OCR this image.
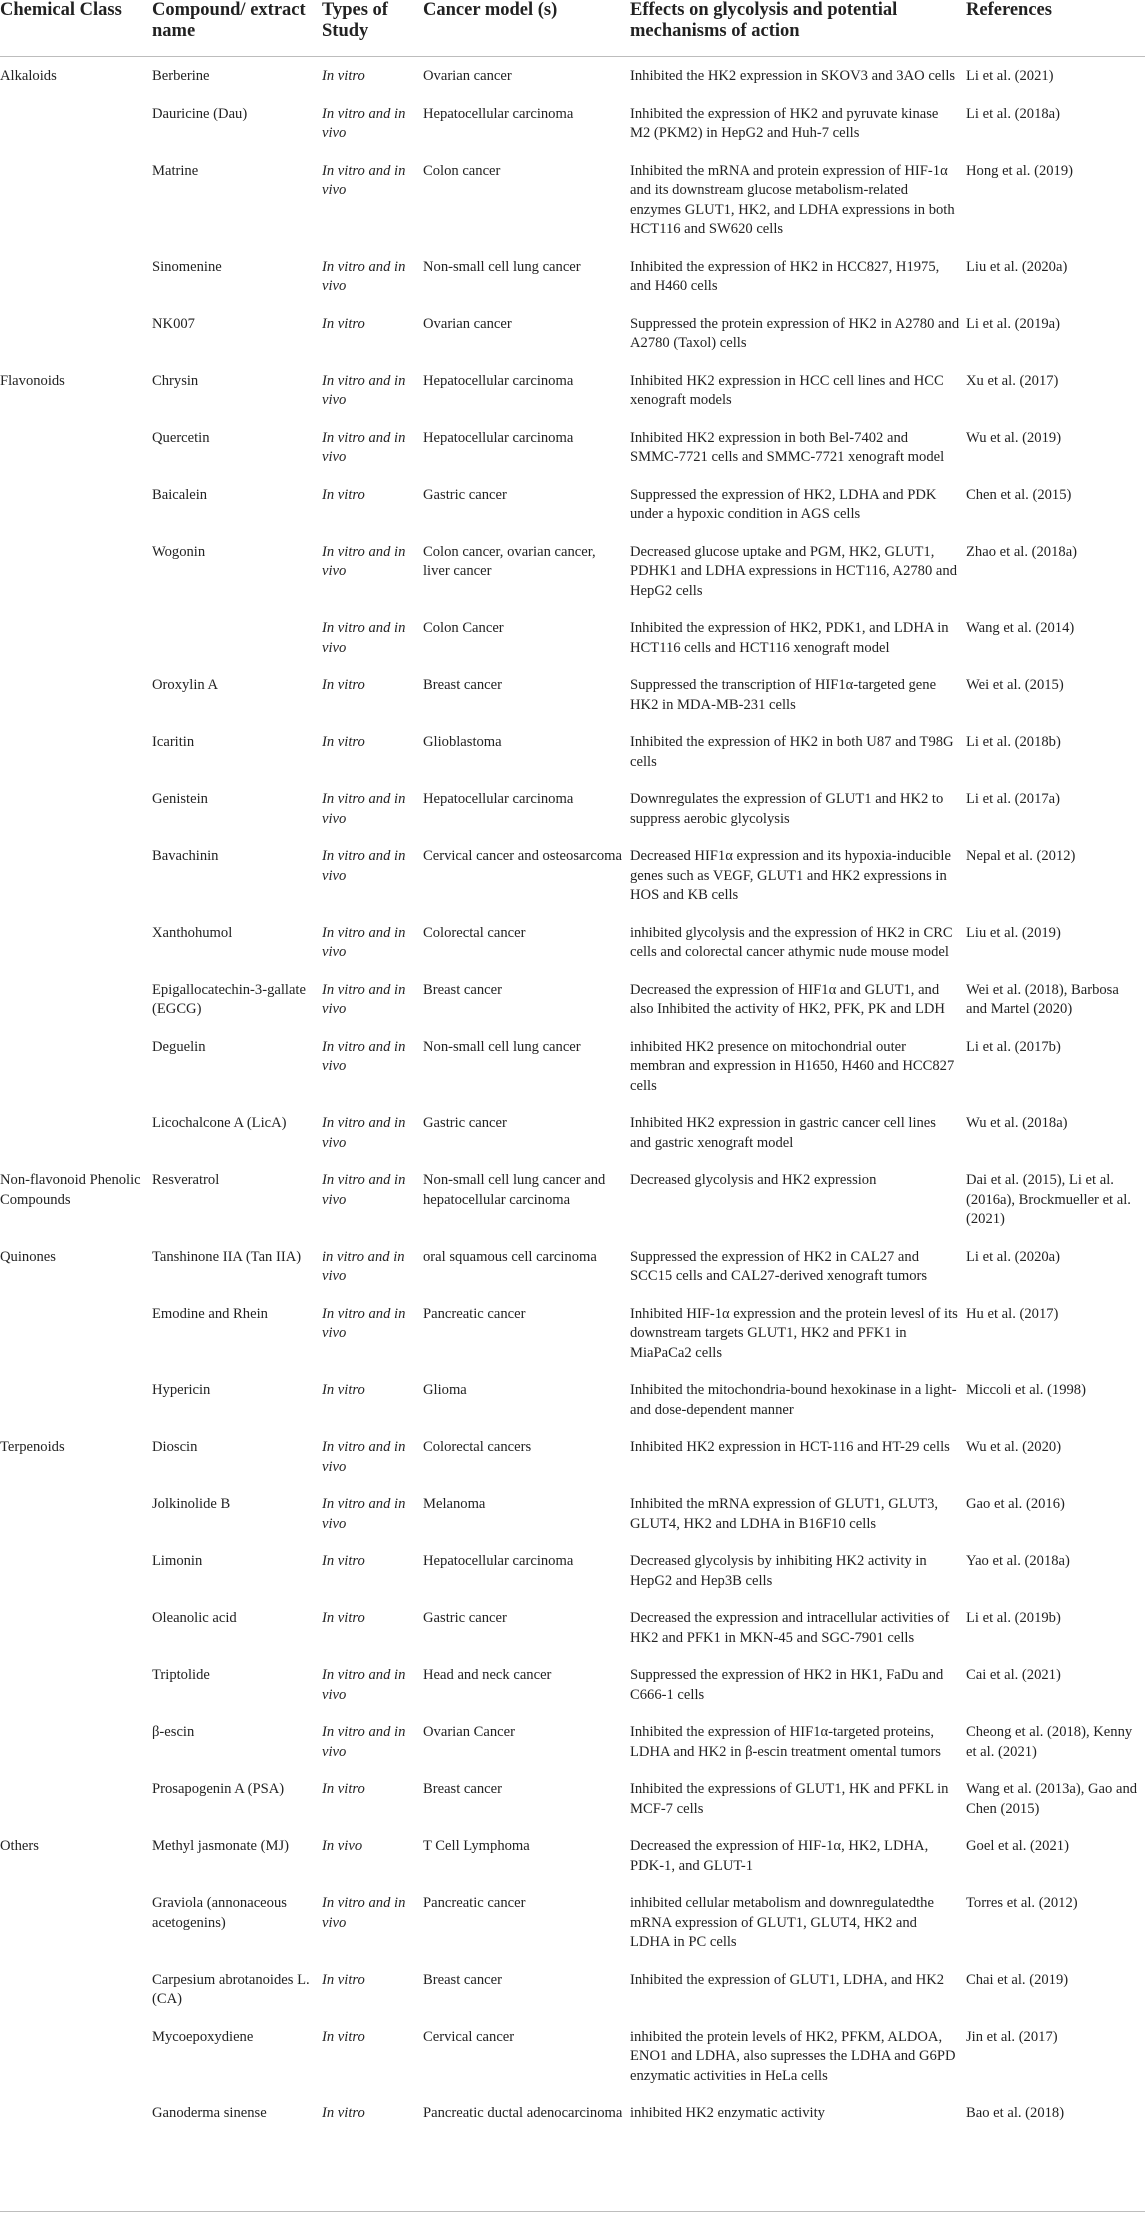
Chemical Class	Compound/ extract name	Types of Study	Cancer model (s)	Effects on glycolysis and potential mechanisms of action	References
Alkaloids	Berberine	In vitro	Ovarian cancer	Inhibited the HK2 expression in SKOV3 and 3AO cells	Li et al. (2021)
	Dauricine (Dau)	In vitro and in vivo	Hepatocellular carcinoma	Inhibited the expression of HK2 and pyruvate kinase M2 (PKM2) in HepG2 and Huh-7 cells	Li et al. (2018a)
	Matrine	In vitro and in vivo	Colon cancer	Inhibited the mRNA and protein expression of HIF-1α and its downstream glucose metabolism-related enzymes GLUT1, HK2, and LDHA expressions in both HCT116 and SW620 cells	Hong et al. (2019)
	Sinomenine	In vitro and in vivo	Non-small cell lung cancer	Inhibited the expression of HK2 in HCC827, H1975, and H460 cells	Liu et al. (2020a)
	NK007	In vitro	Ovarian cancer	Suppressed the protein expression of HK2 in A2780 and A2780 (Taxol) cells	Li et al. (2019a)
Flavonoids	Chrysin	In vitro and in vivo	Hepatocellular carcinoma	Inhibited HK2 expression in HCC cell lines and HCC xenograft models	Xu et al. (2017)
	Quercetin	In vitro and in vivo	Hepatocellular carcinoma	Inhibited HK2 expression in both Bel-7402 and SMMC-7721 cells and SMMC-7721 xenograft model	Wu et al. (2019)
	Baicalein	In vitro	Gastric cancer	Suppressed the expression of HK2, LDHA and PDK under a hypoxic condition in AGS cells	Chen et al. (2015)
	Wogonin	In vitro and in vivo	Colon cancer, ovarian cancer, liver cancer	Decreased glucose uptake and PGM, HK2, GLUT1, PDHK1 and LDHA expressions in HCT116, A2780 and HepG2 cells	Zhao et al. (2018a)
		In vitro and in vivo	Colon Cancer	Inhibited the expression of HK2, PDK1, and LDHA in HCT116 cells and HCT116 xenograft model	Wang et al. (2014)
	Oroxylin A	In vitro	Breast cancer	Suppressed the transcription of HIF1α-targeted gene HK2 in MDA-MB-231 cells	Wei et al. (2015)
	Icaritin	In vitro	Glioblastoma	Inhibited the expression of HK2 in both U87 and T98G cells	Li et al. (2018b)
	Genistein	In vitro and in vivo	Hepatocellular carcinoma	Downregulates the expression of GLUT1 and HK2 to suppress aerobic glycolysis	Li et al. (2017a)
	Bavachinin	In vitro and in vivo	Cervical cancer and osteosarcoma	Decreased HIF1α expression and its hypoxia-inducible genes such as VEGF, GLUT1 and HK2 expressions in HOS and KB cells	Nepal et al. (2012)
	Xanthohumol	In vitro and in vivo	Colorectal cancer	inhibited glycolysis and the expression of HK2 in CRC cells and colorectal cancer athymic nude mouse model	Liu et al. (2019)
	Epigallocatechin-3-gallate (EGCG)	In vitro and in vivo	Breast cancer	Decreased the expression of HIF1α and GLUT1, and also Inhibited the activity of HK2, PFK, PK and LDH	Wei et al. (2018), Barbosa and Martel (2020)
	Deguelin	In vitro and in vivo	Non-small cell lung cancer	inhibited HK2 presence on mitochondrial outer membran and expression in H1650, H460 and HCC827 cells	Li et al. (2017b)
	Licochalcone A (LicA)	In vitro and in vivo	Gastric cancer	Inhibited HK2 expression in gastric cancer cell lines and gastric xenograft model	Wu et al. (2018a)
Non-flavonoid Phenolic Compounds	Resveratrol	In vitro and in vivo	Non-small cell lung cancer and hepatocellular carcinoma	Decreased glycolysis and HK2 expression	Dai et al. (2015), Li et al. (2016a), Brockmueller et al. (2021)
Quinones	Tanshinone IIA (Tan IIA)	in vitro and in vivo	oral squamous cell carcinoma	Suppressed the expression of HK2 in CAL27 and SCC15 cells and CAL27-derived xenograft tumors	Li et al. (2020a)
	Emodine and Rhein	In vitro and in vivo	Pancreatic cancer	Inhibited HIF-1α expression and the protein levesl of its downstream targets GLUT1, HK2 and PFK1 in MiaPaCa2 cells	Hu et al. (2017)
	Hypericin	In vitro	Glioma	Inhibited the mitochondria-bound hexokinase in a light- and dose-dependent manner	Miccoli et al. (1998)
Terpenoids	Dioscin	In vitro and in vivo	Colorectal cancers	Inhibited HK2 expression in HCT-116 and HT-29 cells	Wu et al. (2020)
	Jolkinolide B	In vitro and in vivo	Melanoma	Inhibited the mRNA expression of GLUT1, GLUT3, GLUT4, HK2 and LDHA in B16F10 cells	Gao et al. (2016)
	Limonin	In vitro	Hepatocellular carcinoma	Decreased glycolysis by inhibiting HK2 activity in HepG2 and Hep3B cells	Yao et al. (2018a)
	Oleanolic acid	In vitro	Gastric cancer	Decreased the expression and intracellular activities of HK2 and PFK1 in MKN-45 and SGC-7901 cells	Li et al. (2019b)
	Triptolide	In vitro and in vivo	Head and neck cancer	Suppressed the expression of HK2 in HK1, FaDu and C666-1 cells	Cai et al. (2021)
	β-escin	In vitro and in vivo	Ovarian Cancer	Inhibited the expression of HIF1α-targeted proteins, LDHA and HK2 in β-escin treatment omental tumors	Cheong et al. (2018), Kenny et al. (2021)
	Prosapogenin A (PSA)	In vitro	Breast cancer	Inhibited the expressions of GLUT1, HK and PFKL in MCF-7 cells	Wang et al. (2013a), Gao and Chen (2015)
Others	Methyl jasmonate (MJ)	In vivo	T Cell Lymphoma	Decreased the expression of HIF-1α, HK2, LDHA, PDK-1, and GLUT-1	Goel et al. (2021)
	Graviola (annonaceous acetogenins)	In vitro and in vivo	Pancreatic cancer	inhibited cellular metabolism and downregulatedthe mRNA expression of GLUT1, GLUT4, HK2 and LDHA in PC cells	Torres et al. (2012)
	Carpesium abrotanoides L. (CA)	In vitro	Breast cancer	Inhibited the expression of GLUT1, LDHA, and HK2	Chai et al. (2019)
	Mycoepoxydiene	In vitro	Cervical cancer	inhibited the protein levels of HK2, PFKM, ALDOA, ENO1 and LDHA, also supresses the LDHA and G6PD enzymatic activities in HeLa cells	Jin et al. (2017)
	Ganoderma sinense	In vitro	Pancreatic ductal adenocarcinoma	inhibited HK2 enzymatic activity	Bao et al. (2018)
